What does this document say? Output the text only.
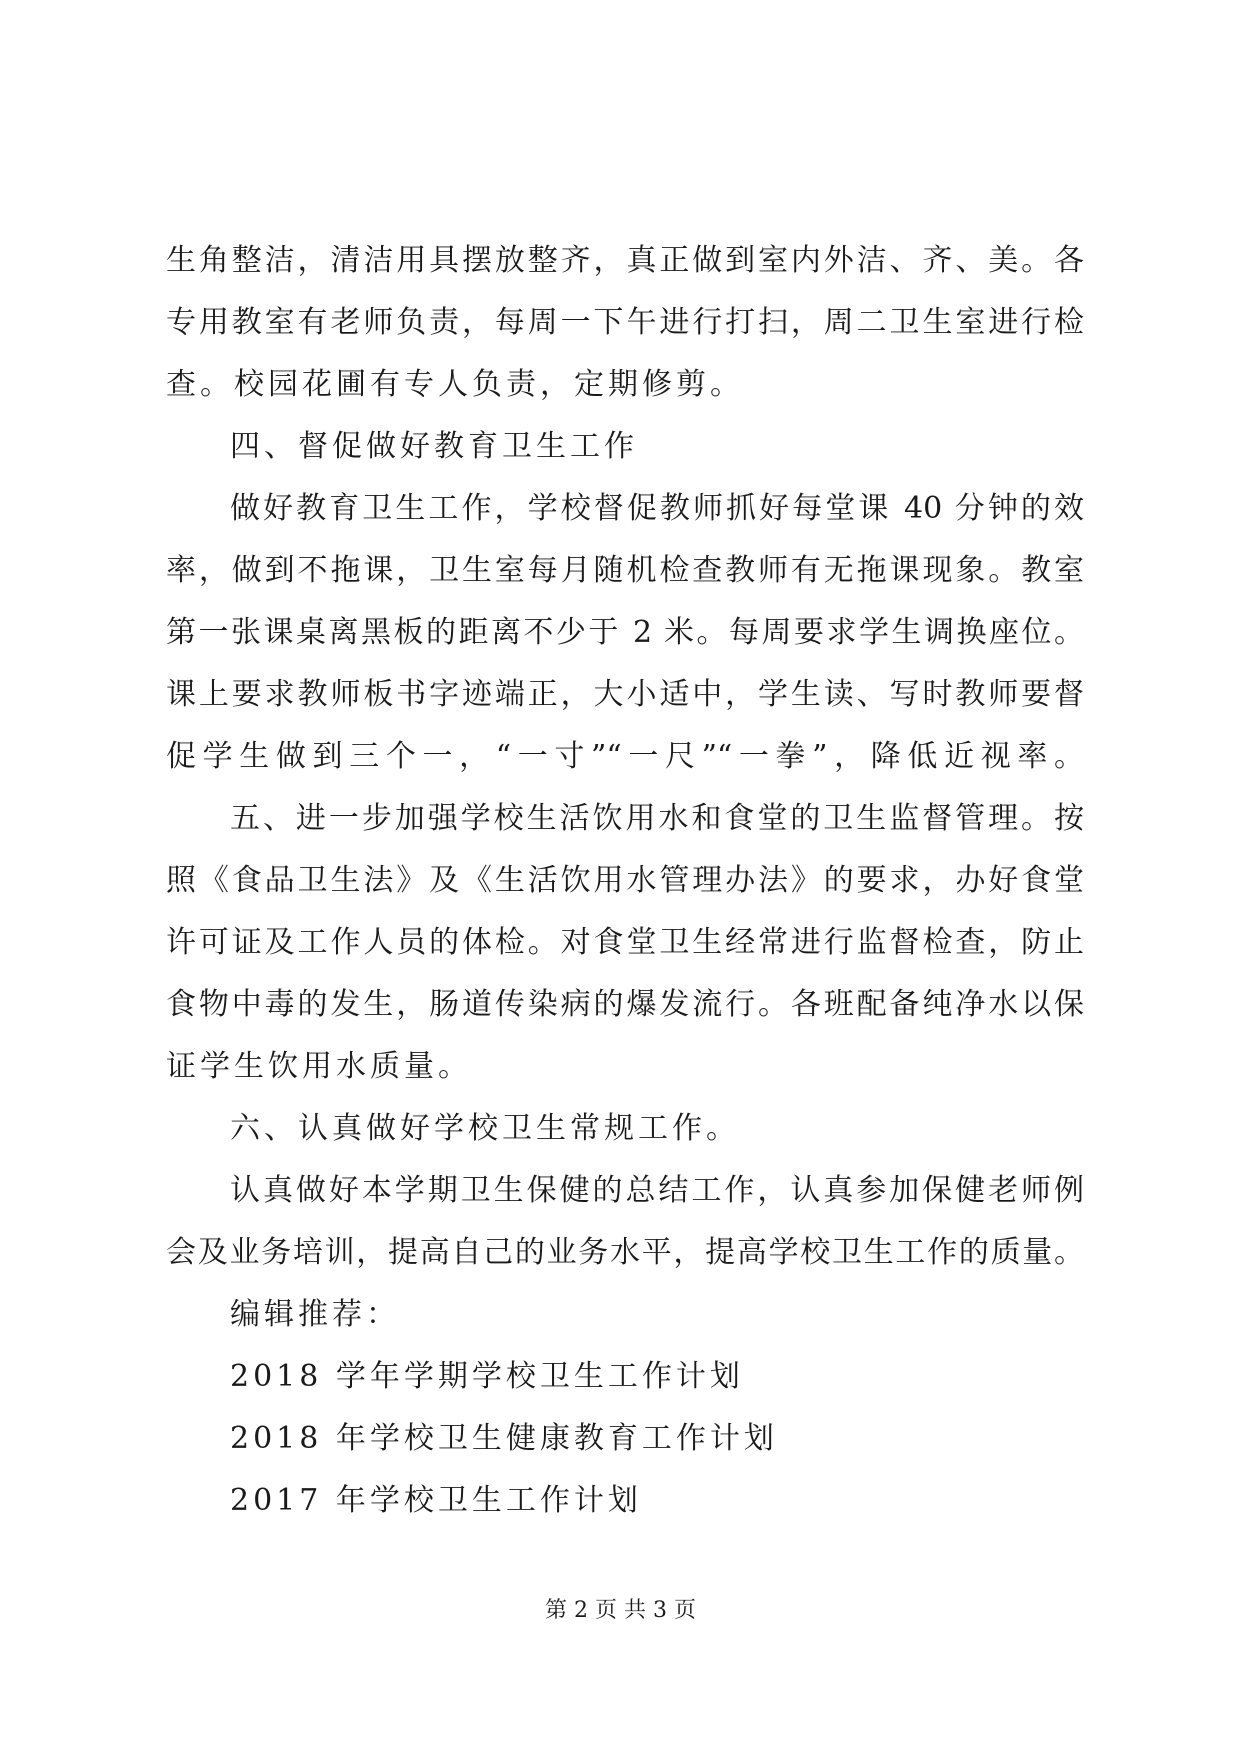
生角整洁，清洁用具摆放整齐，真正做到室内外洁、齐、美。各
专用教室有老师负责，每周一下午进行打扫，周二卫生室进行检
查。校园花圃有专人负责，定期修剪。
四、督促做好教育卫生工作
做好教育卫生工作，学校督促教师抓好每堂课 40 分钟的效
率，做到不拖课，卫生室每月随机检查教师有无拖课现象。教室
第一张课桌离黑板的距离不少于 2 米。每周要求学生调换座位。
课上要求教师板书字迹端正，大小适中，学生读、写时教师要督
促学生做到三个一，“一寸”“一尺”“一拳”，降低近视率。
五、进一步加强学校生活饮用水和食堂的卫生监督管理。按
照《食品卫生法》及《生活饮用水管理办法》的要求，办好食堂
许可证及工作人员的体检。对食堂卫生经常进行监督检查，防止
食物中毒的发生，肠道传染病的爆发流行。各班配备纯净水以保
证学生饮用水质量。
六、认真做好学校卫生常规工作。
认真做好本学期卫生保健的总结工作，认真参加保健老师例
会及业务培训，提高自己的业务水平，提高学校卫生工作的质量。
编辑推荐：
2018 学年学期学校卫生工作计划
2018 年学校卫生健康教育工作计划
2017 年学校卫生工作计划
第 2 页 共 3 页
